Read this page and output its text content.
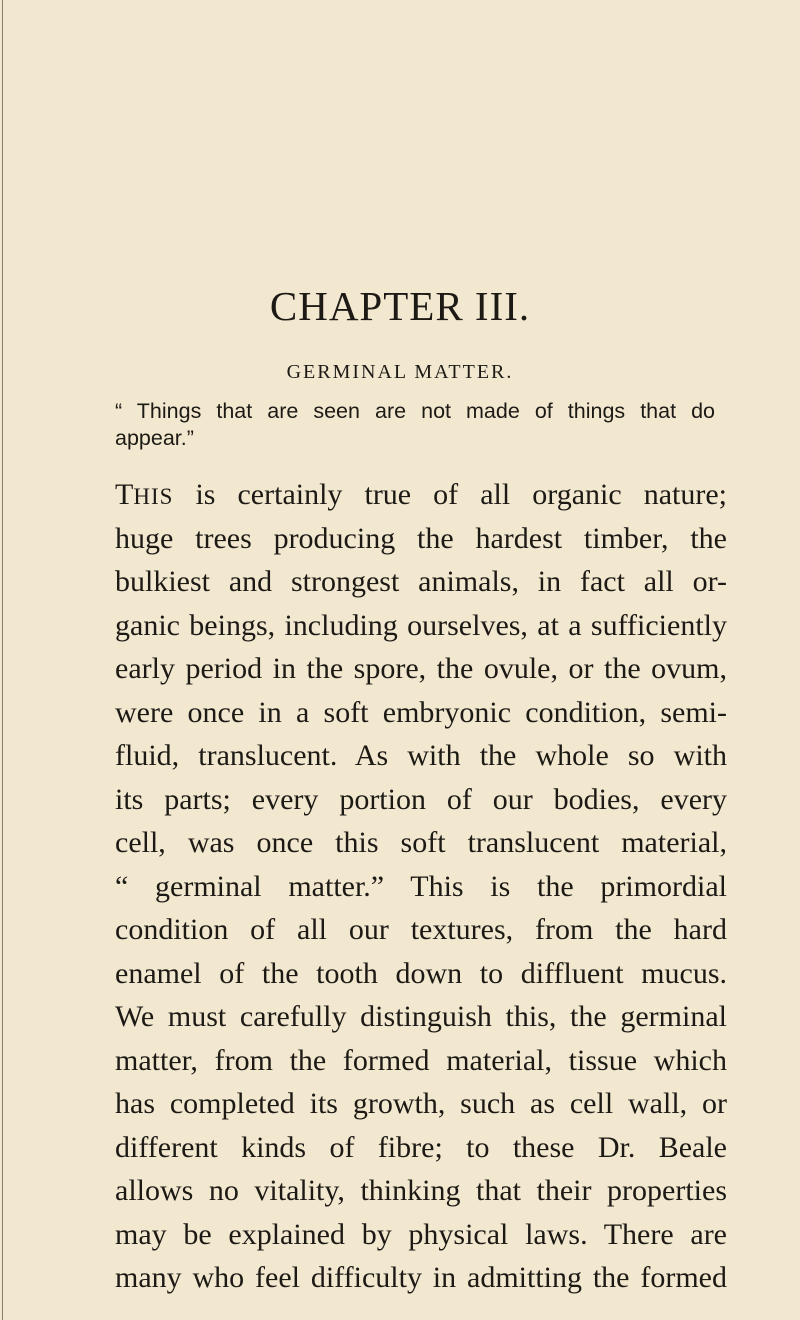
CHAPTER III.
GERMINAL MATTER.
“ Things that are seen are not made of things that do
appear.”
THIS is certainly true of all organic nature;
huge trees producing the hardest timber, the
bulkiest and strongest animals, in fact all or-
ganic beings, including ourselves, at a sufficiently
early period in the spore, the ovule, or the ovum,
were once in a soft embryonic condition, semi-
fluid, translucent. As with the whole so with
its parts; every portion of our bodies, every
cell, was once this soft translucent material,
“ germinal matter.” This is the primordial
condition of all our textures, from the hard
enamel of the tooth down to diffluent mucus.
We must carefully distinguish this, the germinal
matter, from the formed material, tissue which
has completed its growth, such as cell wall, or
different kinds of fibre; to these Dr. Beale
allows no vitality, thinking that their properties
may be explained by physical laws. There are
many who feel difficulty in admitting the formed
